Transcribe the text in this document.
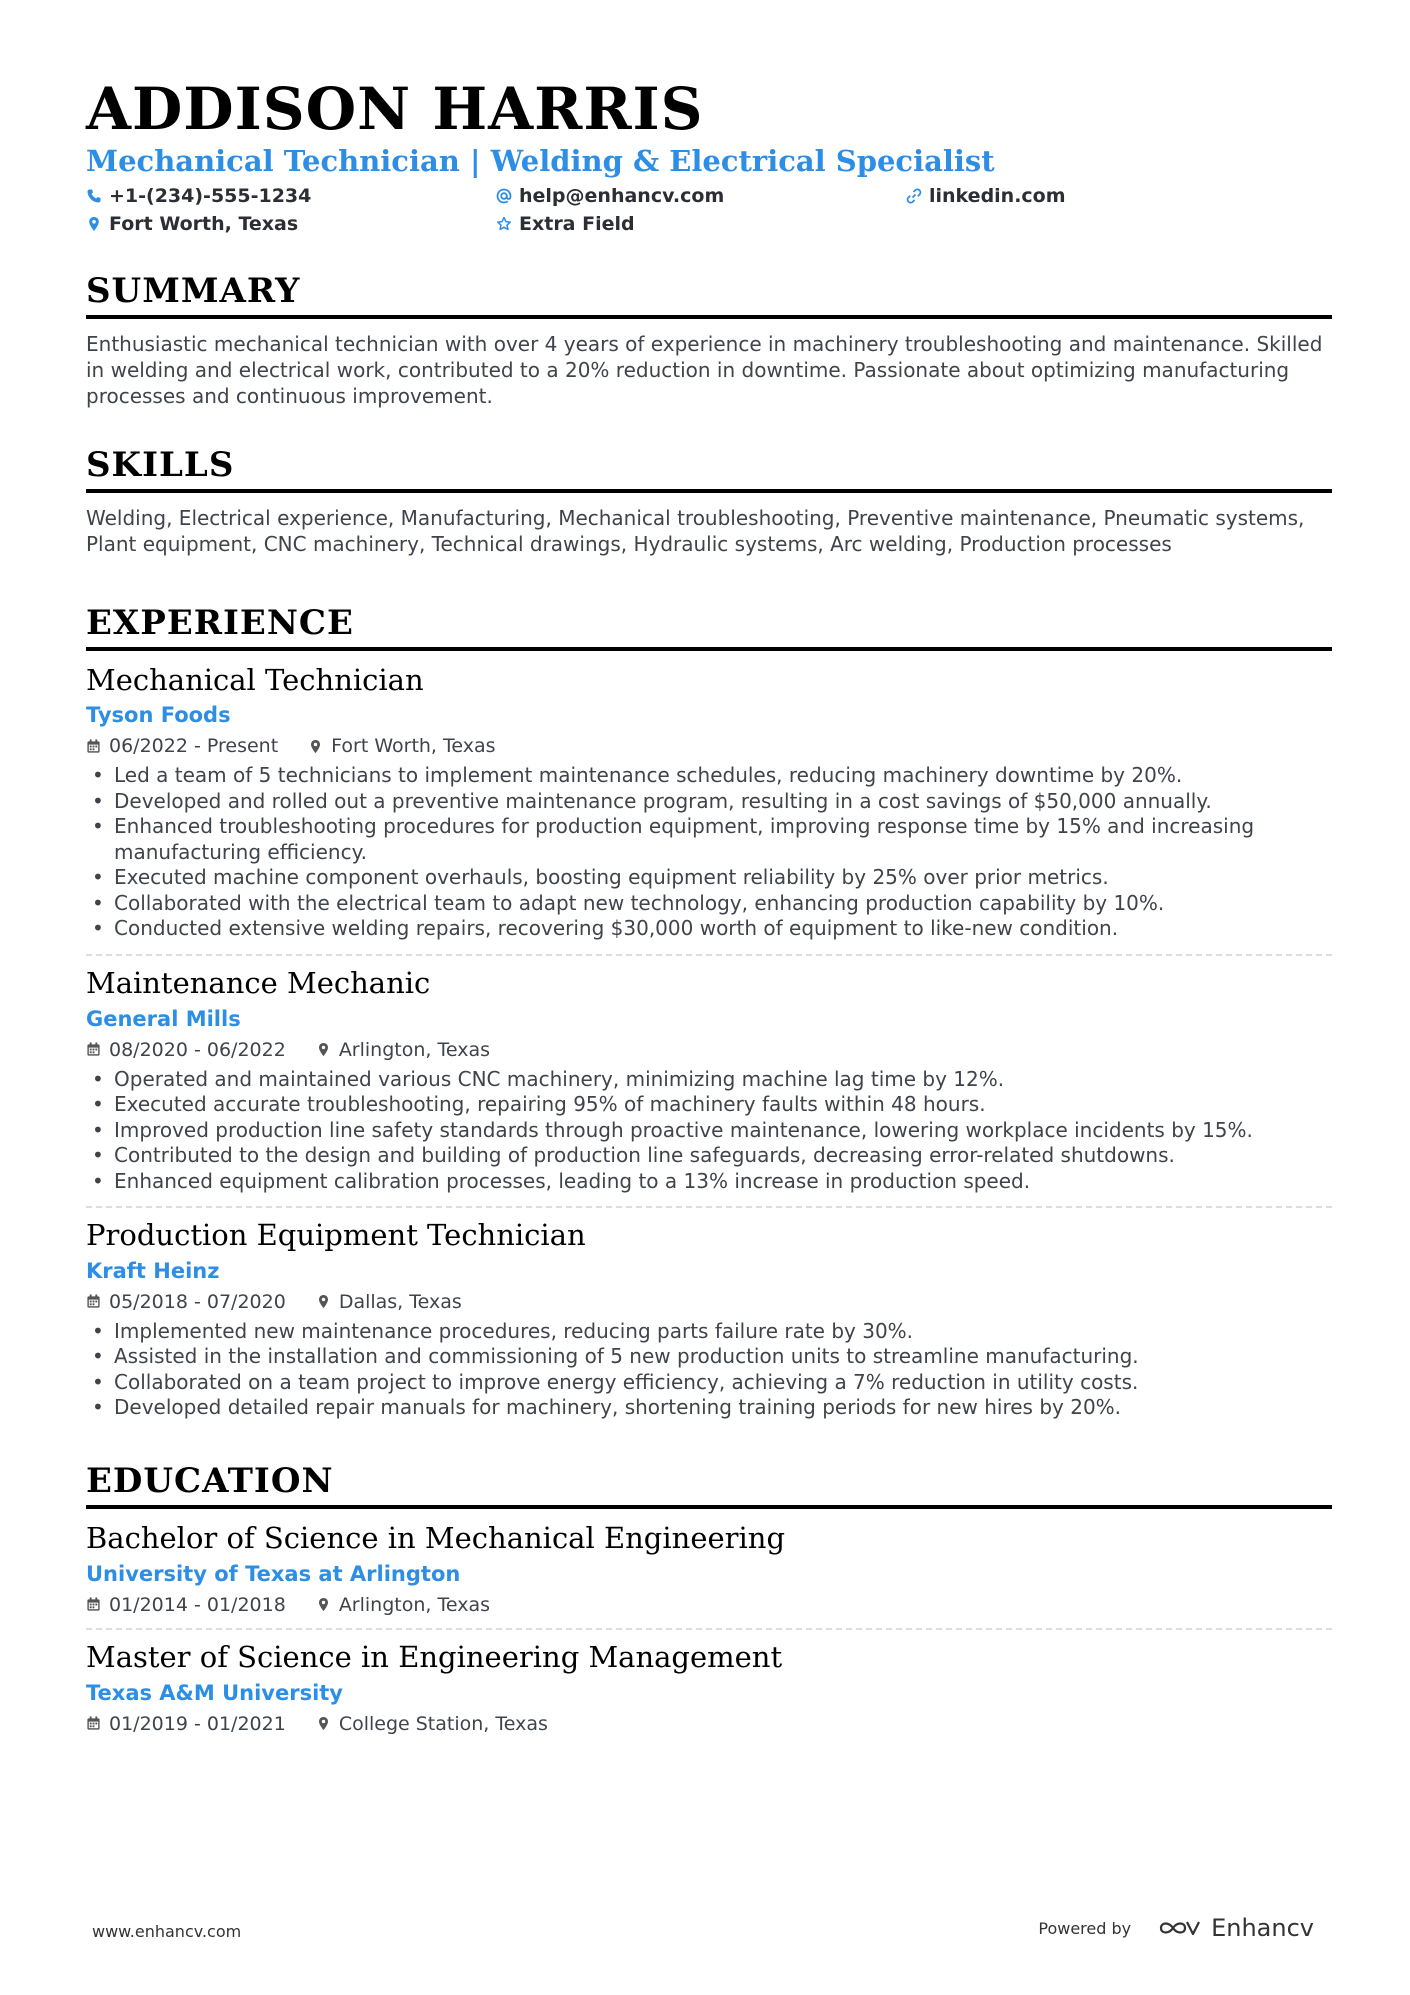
ADDISON HARRIS
Mechanical Technician | Welding & Electrical Specialist
+1-(234)-555-1234	help@enhancv.com	linkedin.com
Fort Worth, Texas	Extra Field
SUMMARY
Enthusiastic mechanical technician with over 4 years of experience in machinery troubleshooting and maintenance. Skilled in welding and electrical work, contributed to a 20% reduction in downtime. Passionate about optimizing manufacturing processes and continuous improvement.
SKILLS
Welding, Electrical experience, Manufacturing, Mechanical troubleshooting, Preventive maintenance, Pneumatic systems, Plant equipment, CNC machinery, Technical drawings, Hydraulic systems, Arc welding, Production processes
EXPERIENCE
Mechanical Technician
Tyson Foods
06/2022 - Present	Fort Worth, Texas
• Led a team of 5 technicians to implement maintenance schedules, reducing machinery downtime by 20%.
• Developed and rolled out a preventive maintenance program, resulting in a cost savings of $50,000 annually.
• Enhanced troubleshooting procedures for production equipment, improving response time by 15% and increasing manufacturing efficiency.
• Executed machine component overhauls, boosting equipment reliability by 25% over prior metrics.
• Collaborated with the electrical team to adapt new technology, enhancing production capability by 10%.
• Conducted extensive welding repairs, recovering $30,000 worth of equipment to like-new condition.
Maintenance Mechanic
General Mills
08/2020 - 06/2022	Arlington, Texas
• Operated and maintained various CNC machinery, minimizing machine lag time by 12%.
• Executed accurate troubleshooting, repairing 95% of machinery faults within 48 hours.
• Improved production line safety standards through proactive maintenance, lowering workplace incidents by 15%.
• Contributed to the design and building of production line safeguards, decreasing error-related shutdowns.
• Enhanced equipment calibration processes, leading to a 13% increase in production speed.
Production Equipment Technician
Kraft Heinz
05/2018 - 07/2020	Dallas, Texas
• Implemented new maintenance procedures, reducing parts failure rate by 30%.
• Assisted in the installation and commissioning of 5 new production units to streamline manufacturing.
• Collaborated on a team project to improve energy efficiency, achieving a 7% reduction in utility costs.
• Developed detailed repair manuals for machinery, shortening training periods for new hires by 20%.
EDUCATION
Bachelor of Science in Mechanical Engineering
University of Texas at Arlington
01/2014 - 01/2018	Arlington, Texas
Master of Science in Engineering Management
Texas A&M University
01/2019 - 01/2021	College Station, Texas
www.enhancv.com	Powered by	Enhancv
